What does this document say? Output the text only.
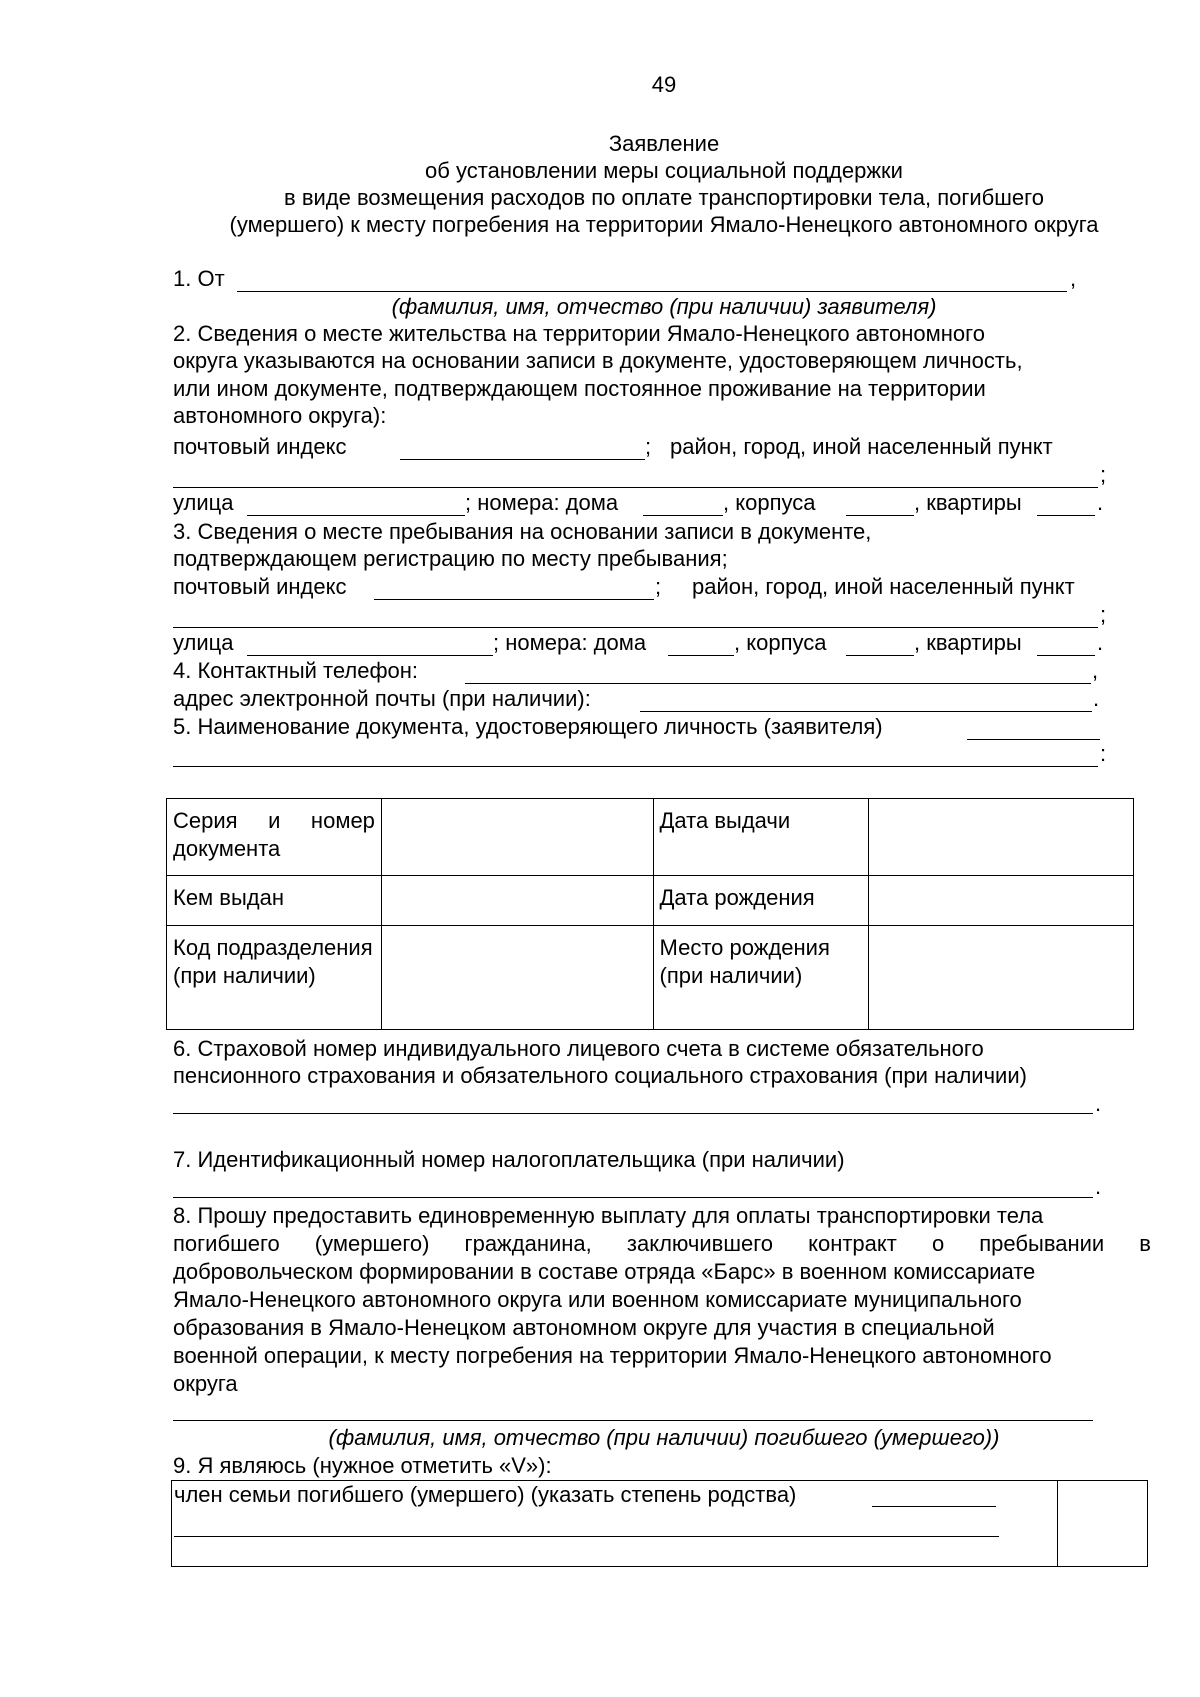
49
Заявление
об установлении меры социальной поддержки
в виде возмещения расходов по оплате транспортировки тела, погибшего
(умершего) к месту погребения на территории Ямало-Ненецкого автономного округа
1. От	,
(фамилия, имя, отчество (при наличии) заявителя)
2. Сведения о месте жительства на территории Ямало-Ненецкого автономного
округа указываются на основании записи в документе, удостоверяющем личность,
или ином документе, подтверждающем постоянное проживание на территории
автономного округа):
почтовый индекс	; район, город, иной населенный пункт
;
улица	; номера: дома	, корпуса	, квартиры	.
3. Сведения о месте пребывания на основании записи в документе,
подтверждающем регистрацию по месту пребывания;
почтовый индекс	; район, город, иной населенный пункт
;
улица	; номера: дома	, корпуса	, квартиры	.
4. Контактный телефон:	,
адрес электронной почты (при наличии):	.
5. Наименование документа, удостоверяющего личность (заявителя)
:
Серия и номер документа		Дата выдачи	
Кем выдан		Дата рождения	
Код подразделения (при наличии)		Место рождения (при наличии)	
6. Страховой номер индивидуального лицевого счета в системе обязательного
пенсионного страхования и обязательного социального страхования (при наличии)
.
7. Идентификационный номер налогоплательщика (при наличии)
.
8. Прошу предоставить единовременную выплату для оплаты транспортировки тела
погибшего (умершего) гражданина, заключившего контракт о пребывании в
добровольческом формировании в составе отряда «Барс» в военном комиссариате
Ямало-Ненецкого автономного округа или военном комиссариате муниципального
образования в Ямало-Ненецком автономном округе для участия в специальной
военной операции, к месту погребения на территории Ямало-Ненецкого автономного
округа
(фамилия, имя, отчество (при наличии) погибшего (умершего))
9. Я являюсь (нужное отметить «V»):
член семьи погибшего (умершего) (указать степень родства)
